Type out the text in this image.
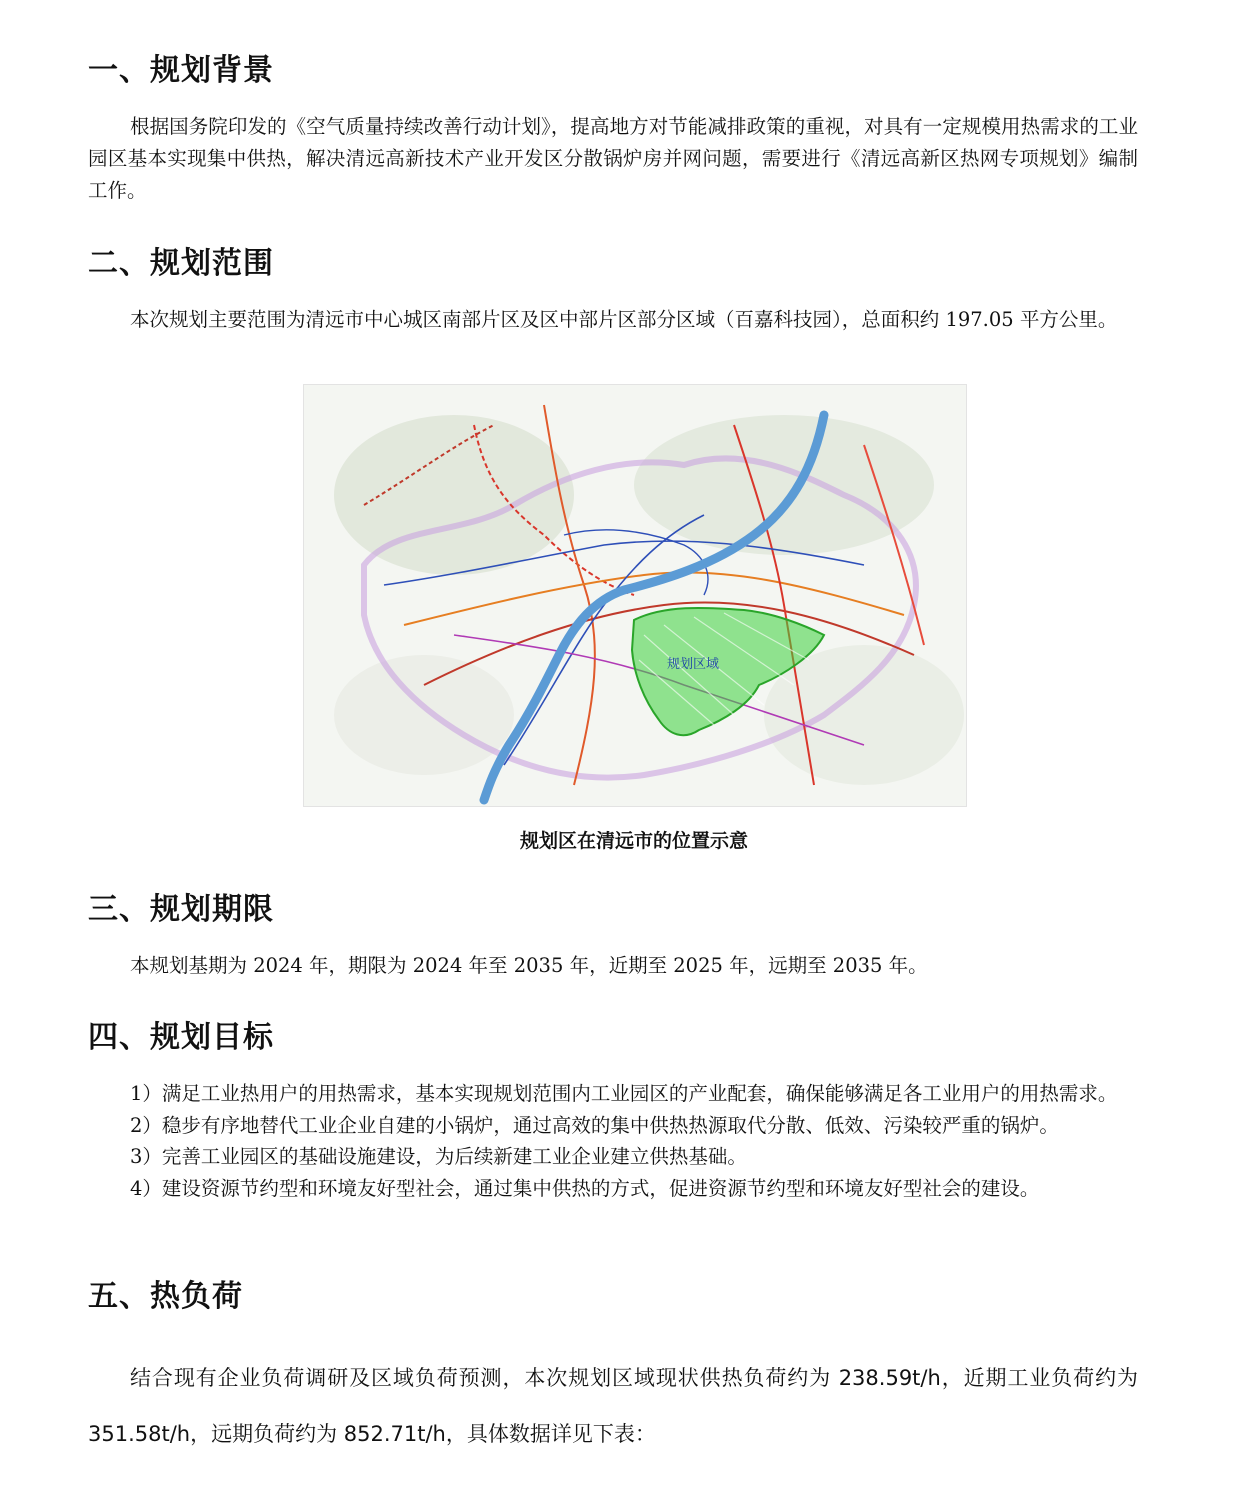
一、规划背景

根据国务院印发的《空气质量持续改善行动计划》，提高地方对节能减排政策的重视，对具有一定规模用热需求的工业园区基本实现集中供热，解决清远高新技术产业开发区分散锅炉房并网问题，需要进行《清远高新区热网专项规划》编制工作。

二、规划范围

本次规划主要范围为清远市中心城区南部片区及区中部片区部分区域（百嘉科技园），总面积约 197.05 平方公里。

规划区域
规划区在清远市的位置示意
三、规划期限

本规划基期为 2024 年，期限为 2024 年至 2035 年，近期至 2025 年，远期至 2035 年。

四、规划目标
1）满足工业热用户的用热需求，基本实现规划范围内工业园区的产业配套，确保能够满足各工业用户的用热需求。
2）稳步有序地替代工业企业自建的小锅炉，通过高效的集中供热热源取代分散、低效、污染较严重的锅炉。
3）完善工业园区的基础设施建设，为后续新建工业企业建立供热基础。
4）建设资源节约型和环境友好型社会，通过集中供热的方式，促进资源节约型和环境友好型社会的建设。
五、热负荷

结合现有企业负荷调研及区域负荷预测，本次规划区域现状供热负荷约为 238.59t/h，近期工业负荷约为 351.58t/h，远期负荷约为 852.71t/h，具体数据详见下表：
